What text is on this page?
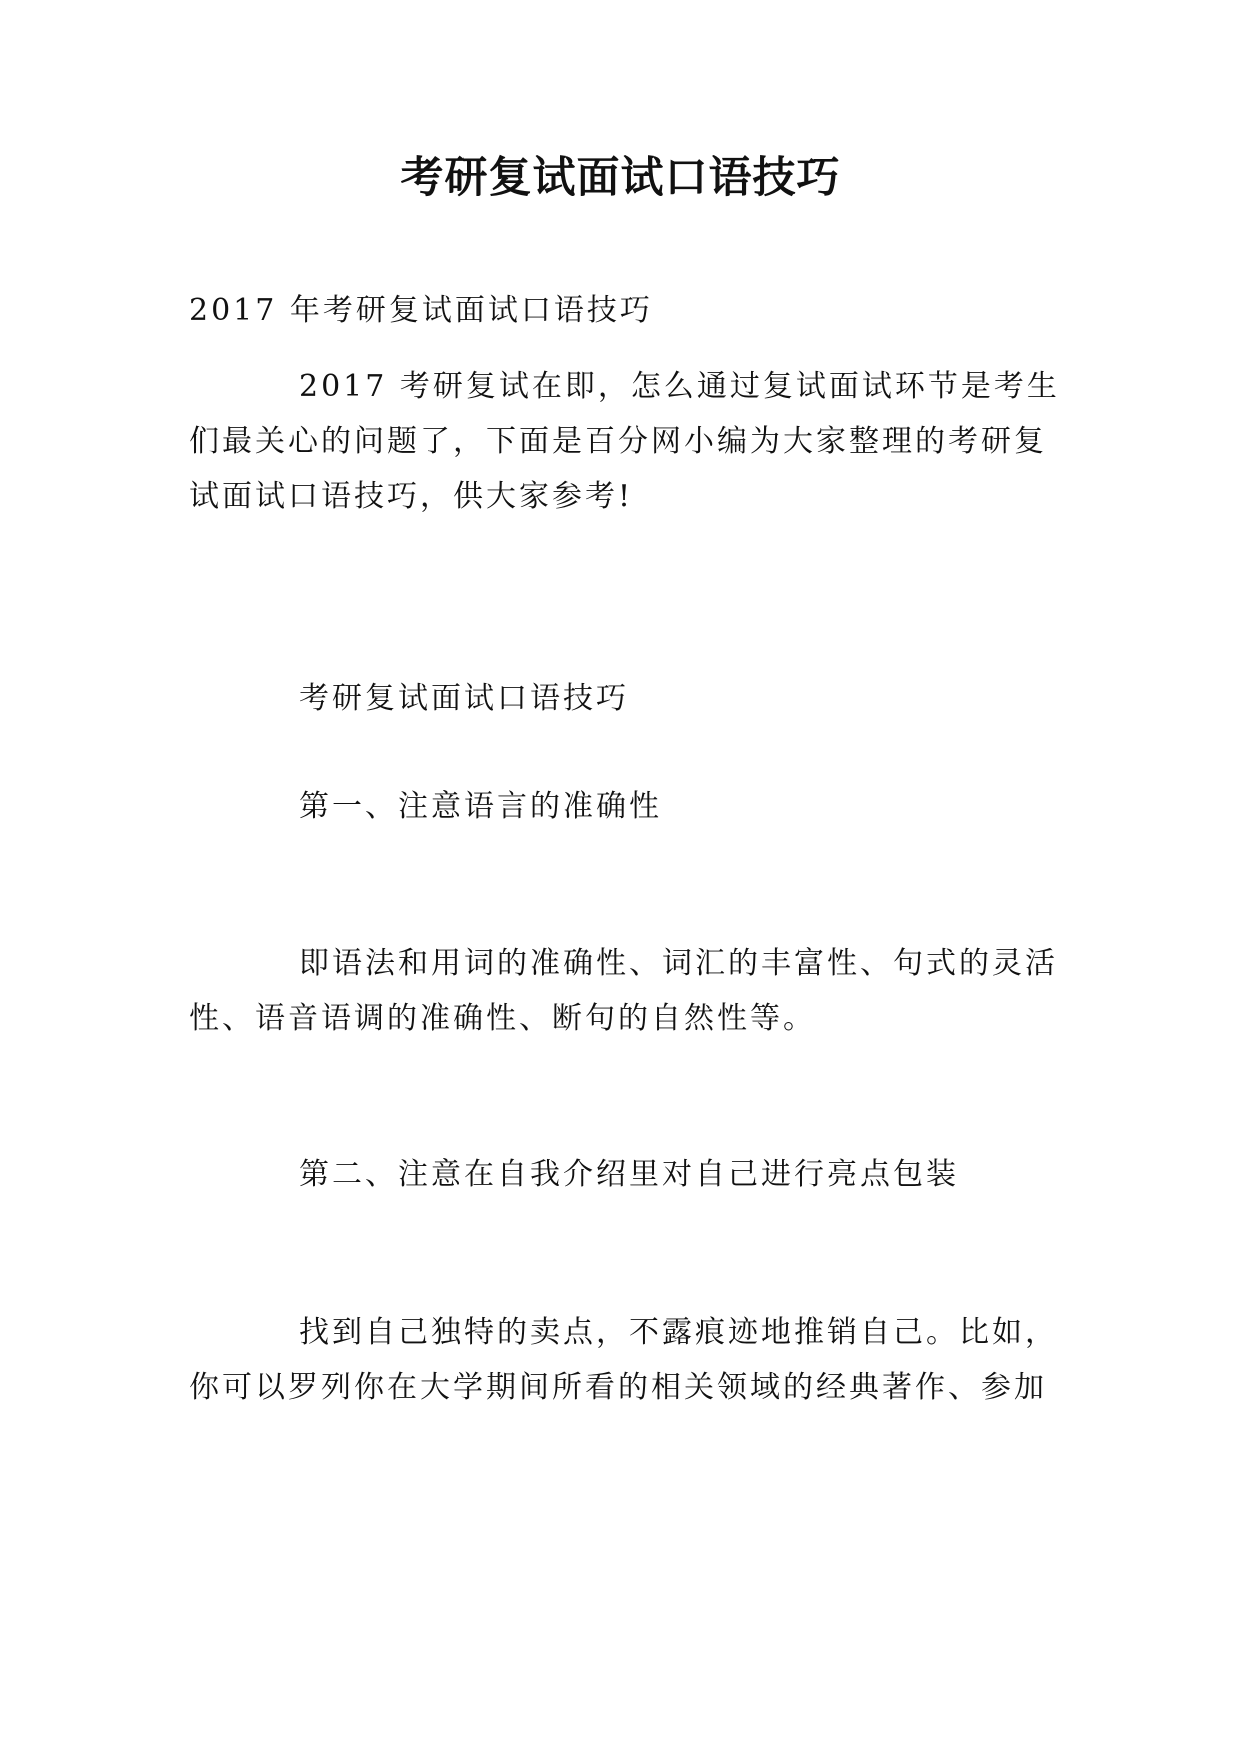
考研复试面试口语技巧

2017 年考研复试面试口语技巧

2017 考研复试在即，怎么通过复试面试环节是考生

们最关心的问题了，下面是百分网小编为大家整理的考研复

试面试口语技巧，供大家参考!

考研复试面试口语技巧

第一、注意语言的准确性

即语法和用词的准确性、词汇的丰富性、句式的灵活

性、语音语调的准确性、断句的自然性等。

第二、注意在自我介绍里对自己进行亮点包装

找到自己独特的卖点，不露痕迹地推销自己。比如，

你可以罗列你在大学期间所看的相关领域的经典著作、参加
